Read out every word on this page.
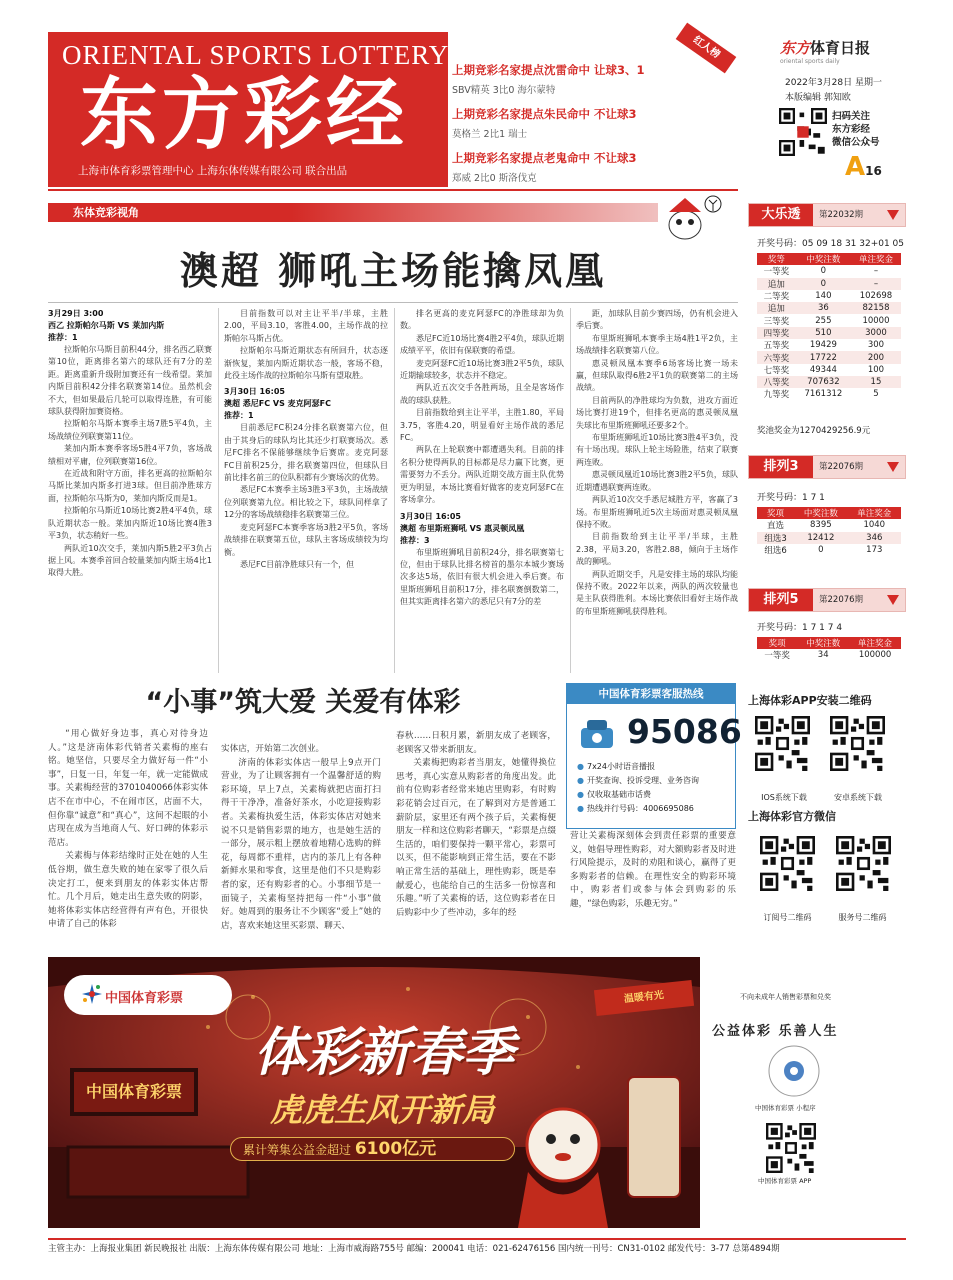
ORIENTAL SPORTS LOTTERY
东方彩经
上海市体育彩票管理中心 上海东体传媒有限公司 联合出品
上期竞彩名家提点沈雷命中 让球3、1
SBV精英 3比0 海尔蒙特
上期竞彩名家提点朱民命中 不让球3
莫格兰 2比1 瑞士
上期竞彩名家提点老鬼命中 不让球3
郑威 2比0 斯洛伐克
红人榜	东方体育日报
oriental sports daily
2022年3月28日 星期一
本版编辑 郭知欧
扫码关注
东方彩经
微信公众号
A16
东体竞彩视角
澳超 狮吼主场能擒凤凰
3月29日 3:00
西乙 拉斯帕尔马斯 VS 莱加内斯
推荐：1

拉斯帕尔马斯目前积44分，排名西乙联赛第10位，距离排名第六的球队还有7分的差距。距离重新升级附加赛还有一线希望。莱加内斯目前积42分排名联赛第14位。虽然机会不大，但如果最后几轮可以取得连胜，有可能球队获得附加赛资格。

拉斯帕尔马斯本赛季主场7胜5平4负，主场战绩位列联赛第11位。

莱加内斯本赛季客场5胜4平7负，客场战绩相对平庸，位列联赛第16位。

在近战和附守方面，排名更高的拉斯帕尔马斯比莱加内斯多打进3球。但目前净胜球方面，拉斯帕尔马斯为0，莱加内斯反而是1。

拉斯帕尔马斯近10场比赛2胜4平4负，球队近期状态一般。莱加内斯近10场比赛4胜3平3负，状态稍好一些。

两队近10次交手，莱加内斯5胜2平3负占据上风。本赛季首回合较量莱加内斯主场4比1取得大胜。

目前指数可以对主让平半/半球，主胜2.00，平局3.10，客胜4.00，主场作战的拉斯帕尔马斯占优。

拉斯帕尔马斯近期状态有所回升，状态逐渐恢复，莱加内斯近期状态一般，客场不稳，此役主场作战的拉斯帕尔马斯有望取胜。

3月30日 16:05
澳超 悉尼FC VS 麦克阿瑟FC
推荐：1

目前悉尼FC积24分排名联赛第六位，但由于其身后的球队均比其还少打联赛场次。悉尼FC排名不保能够继续争后赛席。麦克阿瑟FC目前积25分，排名联赛第四位，但球队目前比排名前三的位队积都有少赛场次的优势。

悉尼FC本赛季主场3胜3平3负，主场战绩位列联赛第九位。相比较之下，球队同样拿了12分的客场战绩稳排名联赛第三位。

麦克阿瑟FC本赛季客场3胜2平5负，客场战绩排在联赛第五位，球队主客场成绩较为均衡。

悉尼FC目前净胜球只有一个，但

排名更高的麦克阿瑟FC的净胜球却为负数。

悉尼FC近10场比赛4胜2平4负，球队近期成绩平平，依旧有保联赛的希望。

麦克阿瑟FC近10场比赛3胜2平5负，球队近期输球较多，状态并不稳定。

两队近五次交手各胜两场，且全是客场作战的球队获胜。

目前指数给到主让平半，主胜1.80，平局3.75，客胜4.20，明显看好主场作战的悉尼FC。

两队在上轮联赛中都遭遇失利。目前的排名积分使得两队的目标都是尽力赢下比赛，更需要努力不丢分。两队近期交战方面主队优势更为明显，本场比赛看好做客的麦克阿瑟FC在客场拿分。

3月30日 16:05
澳超 布里斯班狮吼 VS 惠灵顿凤凰
推荐：3

布里斯班狮吼目前积24分，排名联赛第七位，但由于球队比排名榜首的墨尔本城少赛场次多达5场，依旧有很大机会进入季后赛。布里斯班狮吼目前积17分，排名联赛倒数第二，但其实距离排名第六的悉尼只有7分的差

距，加球队目前少赛四场，仍有机会进入季后赛。

布里斯班狮吼本赛季主场4胜1平2负，主场战绩排名联赛第八位。

惠灵顿凤凰本赛季6场客场比赛一场未赢，但球队取得6胜2平1负的联赛第二的主场战绩。

目前两队的净胜球均为负数，进攻方面近场比赛打进19个，但排名更高的惠灵顿凤凰失球比布里斯班狮吼还要多2个。

布里斯班狮吼近10场比赛3胜4平3负，没有十场出现。球队上轮主场险胜，结束了联赛两连败。

惠灵顿凤凰近10场比赛3胜2平5负，球队近期遭遇联赛两连败。

两队近10次交手悉尼城胜方平，客赢了3场。布里斯班狮吼近5次主场面对惠灵顿凤凰保持不败。

目前指数给到主让平半/半球，主胜2.38，平局3.20，客胜2.88，倾向于主场作战的狮吼。

两队近期交手，凡是安排主场的球队均能保持不败。2022年以来，两队的两次较量也是主队获得胜利。本场比赛依旧看好主场作战的布里斯班狮吼获得胜利。

大乐透	第22032期
开奖号码：05 09 18 31 32+01 05
奖等	中奖注数	单注奖金
一等奖	0	–
追加	0	–
二等奖	140	102698
追加	36	82158
三等奖	255	10000
四等奖	510	3000
五等奖	19429	300
六等奖	17722	200
七等奖	49344	100
八等奖	707632	15
九等奖	7161312	5
奖池奖金为1270429256.9元
排列3	第22076期
开奖号码：1 7 1
奖项	中奖注数	单注奖金
直选	8395	1040
组选3	12412	346
组选6	0	173
排列5	第22076期
开奖号码：1 7 1 7 4
奖项	中奖注数	单注奖金
一等奖	34	100000
“小事”筑大爱 关爱有体彩

“用心做好身边事，真心对待身边人。”这是济南体彩代销者关素梅的座右铭。她坚信，只要尽全力做好每一件“小事”，日复一日，年复一年，就一定能做成事。关素梅经营的3701040066体彩实体店不在市中心，不在闹市区，店面不大，但你靠“诚意”和“真心”，这间不起眼的小店现在成为当地商人气、好口碑的体彩示范店。

关素梅与体彩结缘时正处在她的人生低谷期，做生意失败的她在家零了很久后决定打工，便来到朋友的体彩实体店帮忙。几个月后，她走出生意失败的阴影，她将体彩实体店经营得有声有色，开很快申请了自己的体彩

实体店，开始第二次创业。

济南的体彩实体店一般早上9点开门营业，为了让顾客拥有一个温馨舒适的购彩环境，早上7点，关素梅就把店面打扫得干干净净，准备好茶水，小吃迎接购彩者。关素梅执爱生活，体彩实体店对她来说不只是销售彩票的地方，也是她生活的一部分，展示粗上摆放着地精心选购的鲜花，每周都不重样，店内的茶几上有各种新鲜水果和零食，这里是他们不只是购彩者的家，还有购彩者的心。小事细节是一面镜子，关素梅坚持把每一件“小事”做好。她周到的服务让不少顾客“爱上”她的店，喜欢来她这里买彩票、聊天、

春秋……日积月累，新朋友成了老顾客，老顾客又带来新朋友。

关素梅把购彩者当朋友，她懂得换位思考，真心实意从购彩者的角度出发。此前有位购彩者经常来她店里购彩，有时购彩花销会过百元，在了解到对方是普通工薪阶层，家里还有两个孩子后，关素梅便朋友一样和这位购彩者聊天，“彩票是点缀生活的，咱们要保持一颗平常心，彩票可以买，但不能影响到正常生活，要在不影响正常生活的基础上，理性购彩，既是奉献爱心，也能给自己的生活多一份惊喜和乐趣。”听了关素梅的话，这位购彩者在日后购彩中少了些冲动，多年的经

营让关素梅深刻体会到责任彩票的重要意义，她倡导理性购彩，对大额购彩者及时进行风险提示，及时的劝阻和谈心，赢得了更多购彩者的信赖。在理性安全的购彩环境中，购彩者们或参与体会到购彩的乐趣，“绿色购彩，乐趣无穷。”

中国体育彩票客服热线
95086
● 7x24小时语音播报
● 开奖查询、投诉受理、业务咨询
● 仅收取基础市话费
● 热线并行号码：4006695086
上海体彩APP安装二维码
IOS系统下载	安卓系统下载
上海体彩官方微信
订阅号二维码	服务号二维码
中国体育彩票
中国体育彩票
体彩新春季
虎虎生风开新局
累计筹集公益金超过 6100亿元
温暖有光	不向未成年人销售彩票和兑奖
公益体彩 乐善人生
中国体育彩票 小程序
中国体育彩票 APP
主管主办：上海报业集团 新民晚报社 出版：上海东体传媒有限公司 地址：上海市威海路755号 邮编：200041 电话：021-62476156 国内统一刊号：CN31-0102 邮发代号：3-77 总第4894期
